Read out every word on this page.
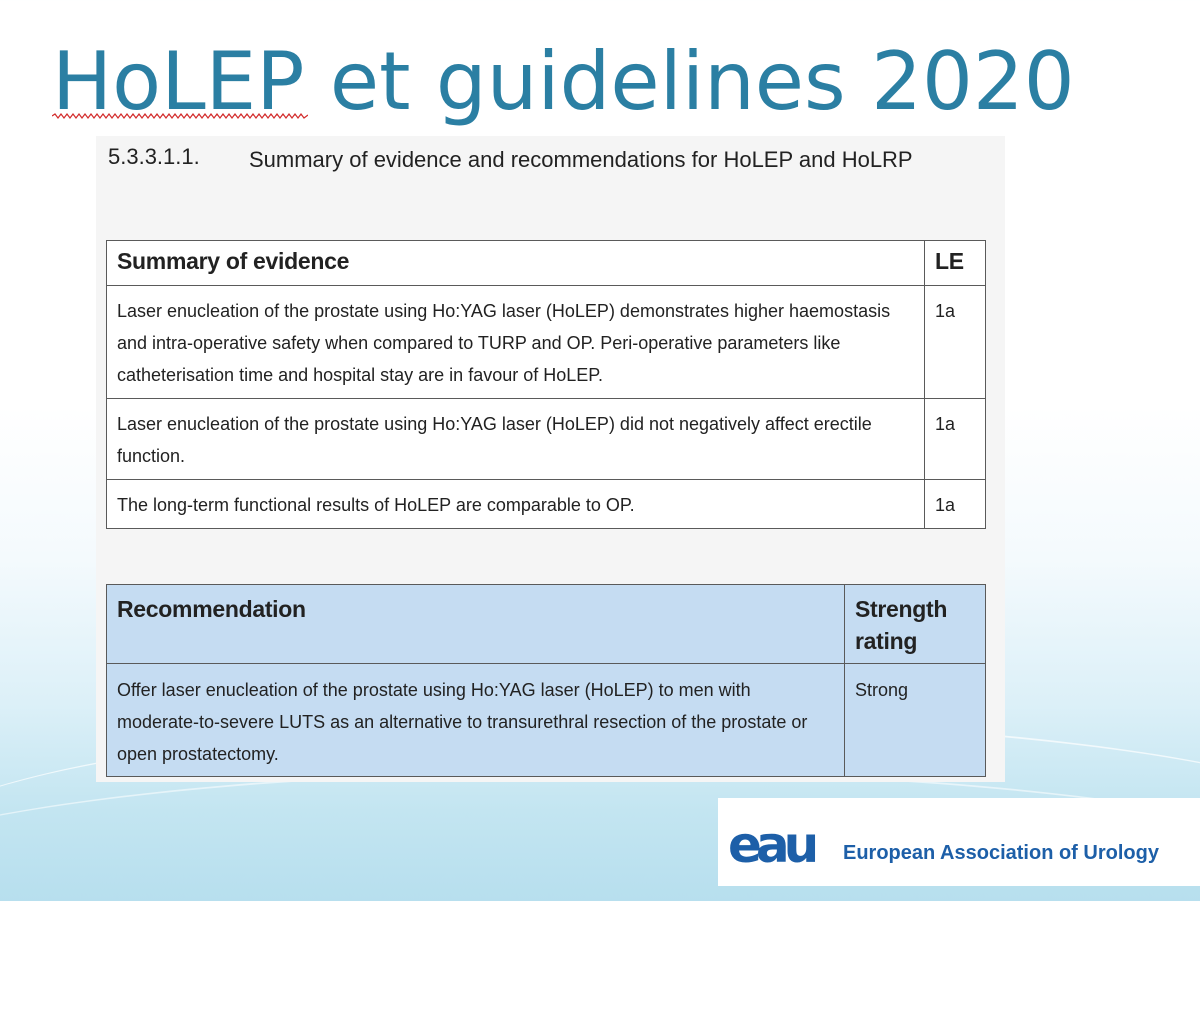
HoLEP et guidelines 2020
5.3.3.1.1. Summary of evidence and recommendations for HoLEP and HoLRP
Summary of evidence	LE
Laser enucleation of the prostate using Ho:YAG laser (HoLEP) demonstrates higher haemostasis and intra-operative safety when compared to TURP and OP. Peri-operative parameters like catheterisation time and hospital stay are in favour of HoLEP.	1a
Laser enucleation of the prostate using Ho:YAG laser (HoLEP) did not negatively affect erectile function.	1a
The long-term functional results of HoLEP are comparable to OP.	1a
Recommendation	Strength rating
Offer laser enucleation of the prostate using Ho:YAG laser (HoLEP) to men with moderate-to-severe LUTS as an alternative to transurethral resection of the prostate or open prostatectomy.	Strong
eau European Association of Urology
